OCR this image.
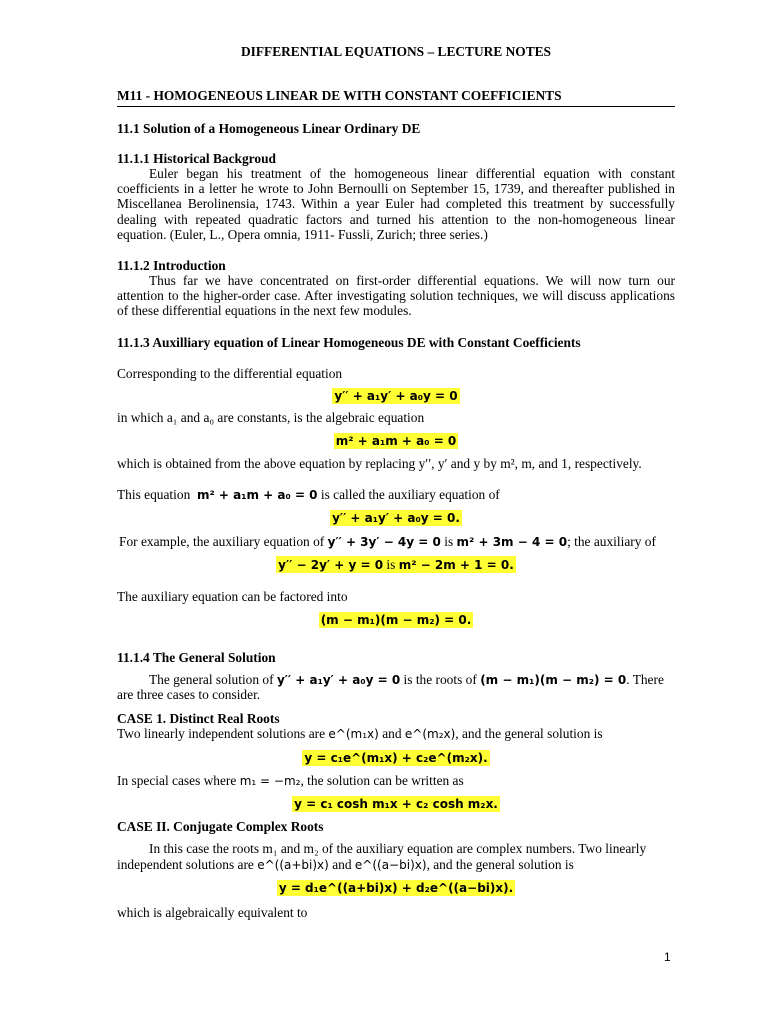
DIFFERENTIAL EQUATIONS – LECTURE NOTES

M11 - HOMOGENEOUS LINEAR DE WITH CONSTANT COEFFICIENTS

11.1 Solution of a Homogeneous Linear Ordinary DE

11.1.1 Historical Backgroud

Euler began his treatment of the homogeneous linear differential equation with constant coefficients in a letter he wrote to John Bernoulli on September 15, 1739, and thereafter published in Miscellanea Berolinensia, 1743. Within a year Euler had completed this treatment by successfully dealing with repeated quadratic factors and turned his attention to the non-homogeneous linear equation. (Euler, L., Opera omnia, 1911- Fussli, Zurich; three series.)

11.1.2 Introduction

Thus far we have concentrated on first-order differential equations. We will now turn our attention to the higher-order case. After investigating solution techniques, we will discuss applications of these differential equations in the next few modules.

11.1.3 Auxilliary equation of Linear Homogeneous DE with Constant Coefficients

Corresponding to the differential equation

y′′ + a₁y′ + a₀y = 0

in which a₁ and a₀ are constants, is the algebraic equation

m² + a₁m + a₀ = 0

which is obtained from the above equation by replacing y′′, y′ and y by m², m, and 1, respectively.

This equation m² + a₁m + a₀ = 0 is called the auxiliary equation of

y′′ + a₁y′ + a₀y = 0.

For example, the auxiliary equation of y′′ + 3y′ − 4y = 0 is m² + 3m − 4 = 0; the auxiliary of

y′′ − 2y′ + y = 0 is m² − 2m + 1 = 0.

The auxiliary equation can be factored into

(m − m₁)(m − m₂) = 0.

11.1.4 The General Solution

The general solution of y′′ + a₁y′ + a₀y = 0 is the roots of (m − m₁)(m − m₂) = 0. There

are three cases to consider.

CASE 1. Distinct Real Roots

Two linearly independent solutions are e^(m₁x) and e^(m₂x), and the general solution is

y = c₁e^(m₁x) + c₂e^(m₂x).

In special cases where m₁ = −m₂, the solution can be written as

y = c₁ cosh m₁x + c₂ cosh m₂x.

CASE II. Conjugate Complex Roots

In this case the roots m₁ and m₂ of the auxiliary equation are complex numbers. Two linearly

independent solutions are e^((a+bi)x) and e^((a−bi)x), and the general solution is

y = d₁e^((a+bi)x) + d₂e^((a−bi)x).

which is algebraically equivalent to

1
